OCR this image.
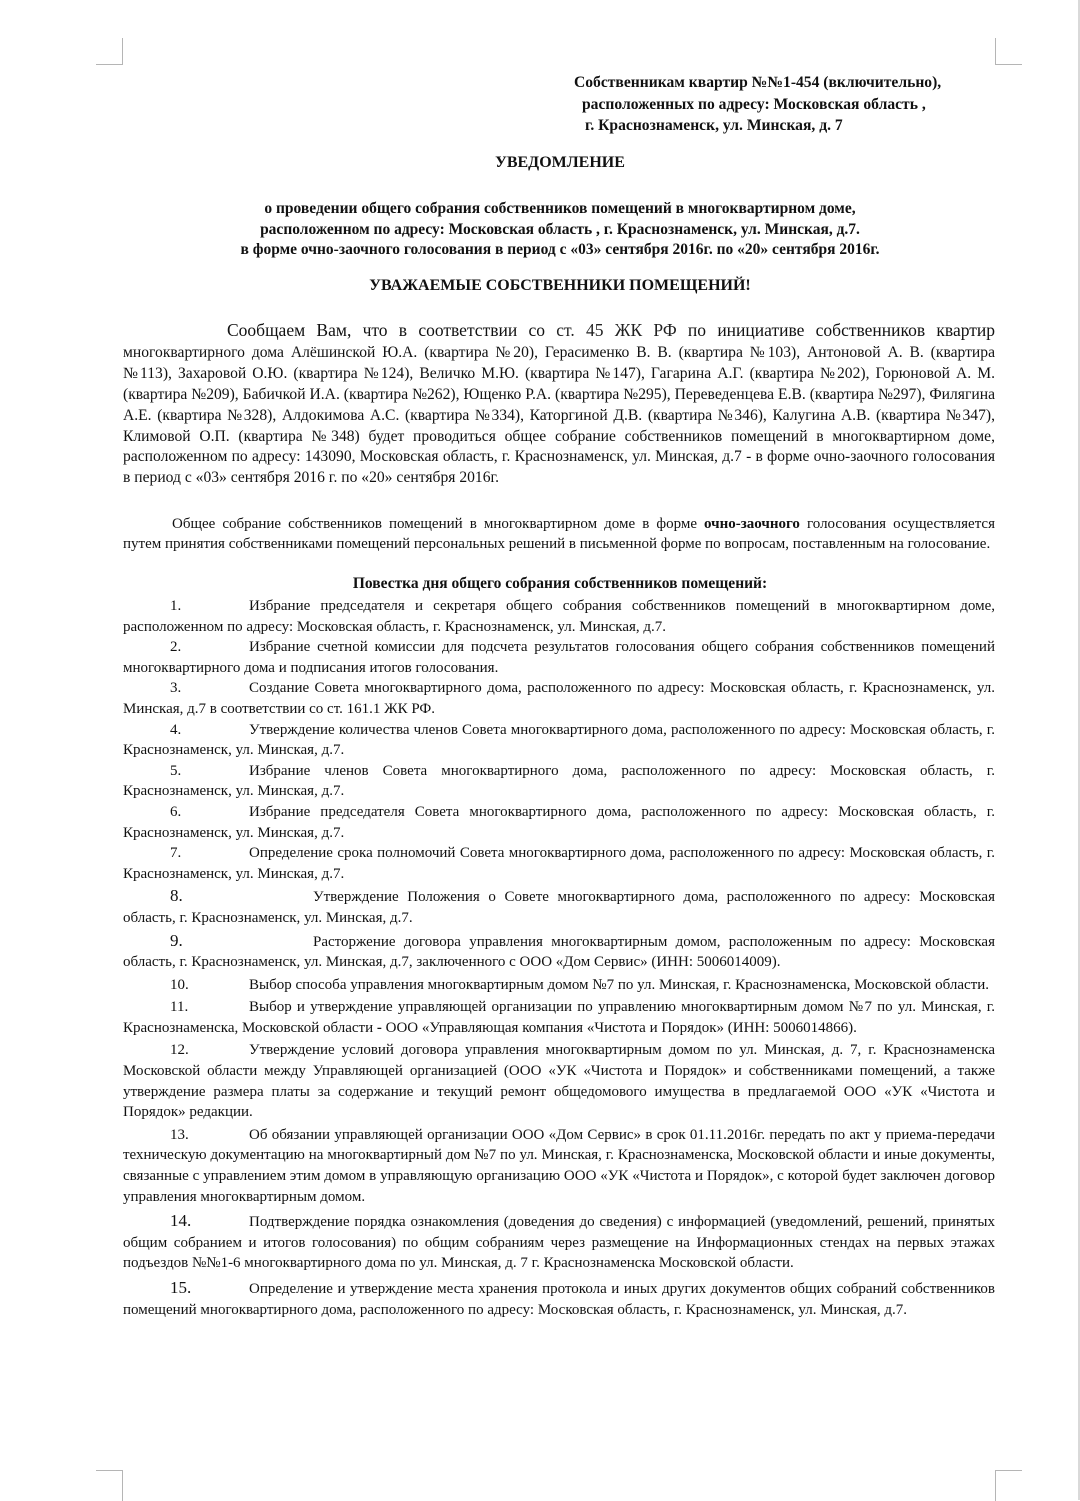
Собственникам квартир №№1-454 (включительно),
расположенных по адресу: Московская область ,
г. Краснознаменск, ул. Минская, д. 7
УВЕДОМЛЕНИЕ
о проведении общего собрания собственников помещений в многоквартирном доме,
расположенном по адресу: Московская область , г. Краснознаменск, ул. Минская, д.7.
в форме очно-заочного голосования в период с «03» сентября 2016г. по «20» сентября 2016г.
УВАЖАЕМЫЕ СОБСТВЕННИКИ ПОМЕЩЕНИЙ!

Сообщаем Вам, что в соответствии со ст. 45 ЖК РФ по инициативе собственников квартир многоквартирного дома Алёшинской Ю.А. (квартира №20), Герасименко В. В. (квартира №103), Антоновой А. В. (квартира №113), Захаровой О.Ю. (квартира №124), Величко М.Ю. (квартира №147), Гагарина А.Г. (квартира №202), Горюновой А. М. (квартира №209), Бабичкой И.А. (квартира №262), Ющенко Р.А. (квартира №295), Переведенцева Е.В. (квартира №297), Филягина А.Е. (квартира №328), Алдокимова А.С. (квартира №334), Каторгиной Д.В. (квартира №346), Калугина А.В. (квартира №347), Климовой О.П. (квартира №348) будет проводиться общее собрание собственников помещений в многоквартирном доме, расположенном по адресу: 143090, Московская область, г. Краснознаменск, ул. Минская, д.7 - в форме очно-заочного голосования в период с «03» сентября 2016 г. по «20» сентября 2016г.

Общее собрание собственников помещений в многоквартирном доме в форме очно-заочного голосования осуществляется путем принятия собственниками помещений персональных решений в письменной форме по вопросам, поставленным на голосование.

Повестка дня общего собрания собственников помещений:
1.	Избрание председателя и секретаря общего собрания собственников помещений в многоквартирном доме, расположенном по адресу: Московская область, г. Краснознаменск, ул. Минская, д.7.
2.	Избрание счетной комиссии для подсчета результатов голосования общего собрания собственников помещений многоквартирного дома и подписания итогов голосования.
3.	Создание Совета многоквартирного дома, расположенного по адресу: Московская область, г. Краснознаменск, ул. Минская, д.7 в соответствии со ст. 161.1 ЖК РФ.
4.	Утверждение количества членов Совета многоквартирного дома, расположенного по адресу: Московская область, г. Краснознаменск, ул. Минская, д.7.
5.	Избрание членов Совета многоквартирного дома, расположенного по адресу: Московская область, г. Краснознаменск, ул. Минская, д.7.
6.	Избрание председателя Совета многоквартирного дома, расположенного по адресу: Московская область, г. Краснознаменск, ул. Минская, д.7.
7.	Определение срока полномочий Совета многоквартирного дома, расположенного по адресу: Московская область, г. Краснознаменск, ул. Минская, д.7.
8.	Утверждение Положения о Совете многоквартирного дома, расположенного по адресу: Московская область, г. Краснознаменск, ул. Минская, д.7.
9.	Расторжение договора управления многоквартирным домом, расположенным по адресу: Московская область, г. Краснознаменск, ул. Минская, д.7, заключенного с ООО «Дом Сервис» (ИНН: 5006014009).
10.	Выбор способа управления многоквартирным домом №7 по ул. Минская, г. Краснознаменска, Московской области.
11.	Выбор и утверждение управляющей организации по управлению многоквартирным домом №7 по ул. Минская, г. Краснознаменска, Московской области - ООО «Управляющая компания «Чистота и Порядок» (ИНН: 5006014866).
12.	Утверждение условий договора управления многоквартирным домом по ул. Минская, д. 7, г. Краснознаменска Московской области между Управляющей организацией (ООО «УК «Чистота и Порядок» и собственниками помещений, а также утверждение размера платы за содержание и текущий ремонт общедомового имущества в предлагаемой ООО «УК «Чистота и Порядок» редакции.
13.	Об обязании управляющей организации ООО «Дом Сервис» в срок 01.11.2016г. передать по акт у приема-передачи техническую документацию на многоквартирный дом №7 по ул. Минская, г. Краснознаменска, Московской области и иные документы, связанные с управлением этим домом в управляющую организацию ООО «УК «Чистота и Порядок», с которой будет заключен договор управления многоквартирным домом.
14.	Подтверждение порядка ознакомления (доведения до сведения) с информацией (уведомлений, решений, принятых общим собранием и итогов голосования) по общим собраниям через размещение на Информационных стендах на первых этажах подъездов №№1-6 многоквартирного дома по ул. Минская, д. 7 г. Краснознаменска Московской области.
15.	Определение и утверждение места хранения протокола и иных других документов общих собраний собственников помещений многоквартирного дома, расположенного по адресу: Московская область, г. Краснознаменск, ул. Минская, д.7.
